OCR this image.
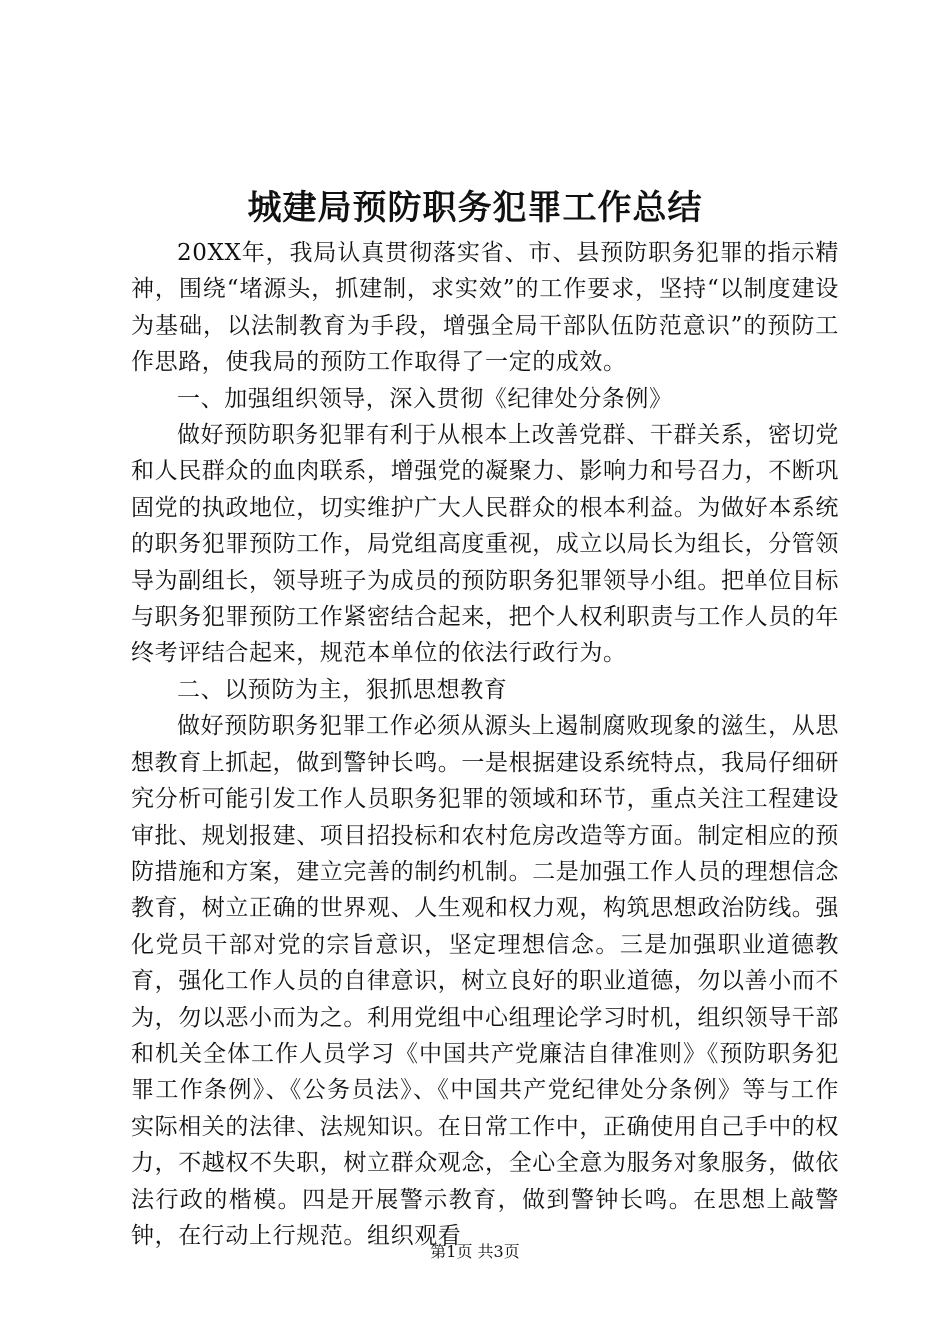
城建局预防职务犯罪工作总结

20XX年，我局认真贯彻落实省、市、县预防职务犯罪的指示精神，围绕“堵源头，抓建制，求实效”的工作要求，坚持“以制度建设为基础，以法制教育为手段，增强全局干部队伍防范意识”的预防工作思路，使我局的预防工作取得了一定的成效。

一、加强组织领导，深入贯彻《纪律处分条例》

做好预防职务犯罪有利于从根本上改善党群、干群关系，密切党和人民群众的血肉联系，增强党的凝聚力、影响力和号召力，不断巩固党的执政地位，切实维护广大人民群众的根本利益。为做好本系统的职务犯罪预防工作，局党组高度重视，成立以局长为组长，分管领导为副组长，领导班子为成员的预防职务犯罪领导小组。把单位目标与职务犯罪预防工作紧密结合起来，把个人权利职责与工作人员的年终考评结合起来，规范本单位的依法行政行为。

二、以预防为主，狠抓思想教育

做好预防职务犯罪工作必须从源头上遏制腐败现象的滋生，从思想教育上抓起，做到警钟长鸣。一是根据建设系统特点，我局仔细研究分析可能引发工作人员职务犯罪的领域和环节，重点关注工程建设审批、规划报建、项目招投标和农村危房改造等方面。制定相应的预防措施和方案，建立完善的制约机制。二是加强工作人员的理想信念教育，树立正确的世界观、人生观和权力观，构筑思想政治防线。强化党员干部对党的宗旨意识，坚定理想信念。三是加强职业道德教育，强化工作人员的自律意识，树立良好的职业道德，勿以善小而不为，勿以恶小而为之。利用党组中心组理论学习时机，组织领导干部和机关全体工作人员学习《中国共产党廉洁自律准则》《预防职务犯罪工作条例》、《公务员法》、《中国共产党纪律处分条例》等与工作实际相关的法律、法规知识。在日常工作中，正确使用自己手中的权力，不越权不失职，树立群众观念，全心全意为服务对象服务，做依法行政的楷模。四是开展警示教育，做到警钟长鸣。在思想上敲警钟，在行动上行规范。组织观看

第1页 共3页
